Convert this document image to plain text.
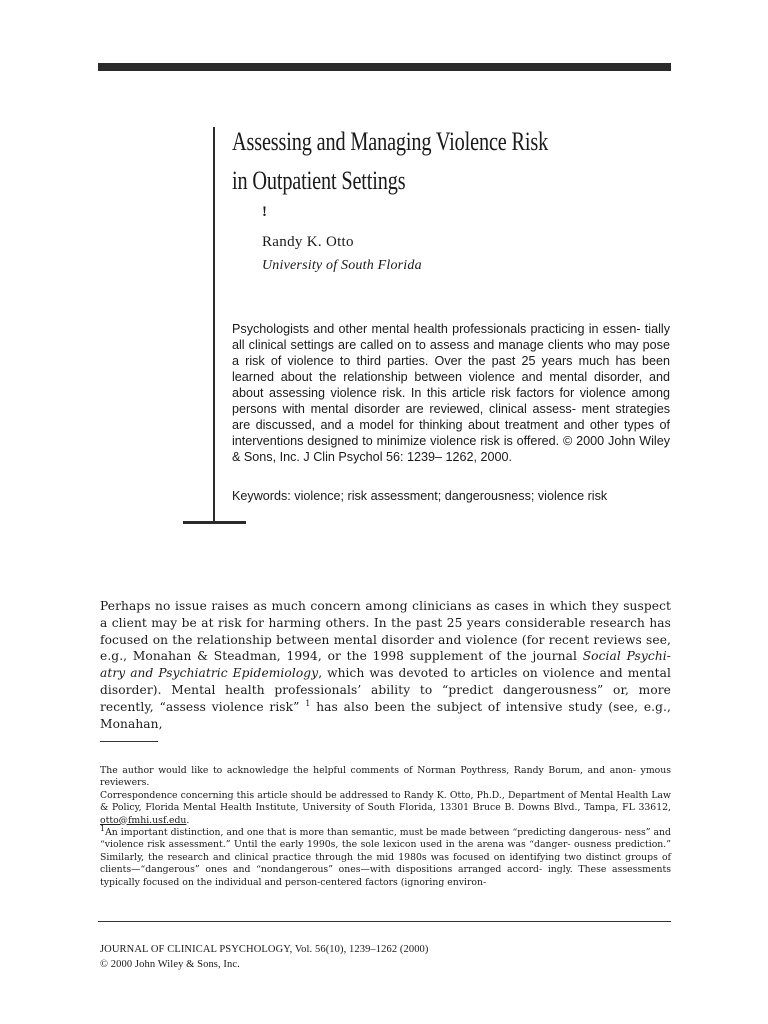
Assessing and Managing Violence Risk
in Outpatient Settings
!
Randy K. Otto
University of South Florida

Psychologists and other mental health professionals practicing in essen- tially all clinical settings are called on to assess and manage clients who may pose a risk of violence to third parties. Over the past 25 years much has been learned about the relationship between violence and mental disorder, and about assessing violence risk. In this article risk factors for violence among persons with mental disorder are reviewed, clinical assess- ment strategies are discussed, and a model for thinking about treatment and other types of interventions designed to minimize violence risk is offered. © 2000 John Wiley & Sons, Inc. J Clin Psychol 56: 1239– 1262, 2000.

Keywords: violence; risk assessment; dangerousness; violence risk

Perhaps no issue raises as much concern among clinicians as cases in which they suspect a client may be at risk for harming others. In the past 25 years considerable research has focused on the relationship between mental disorder and violence (for recent reviews see, e.g., Monahan & Steadman, 1994, or the 1998 supplement of the journal Social Psychi- atry and Psychiatric Epidemiology, which was devoted to articles on violence and mental disorder). Mental health professionals’ ability to “predict dangerousness” or, more recently, “assess violence risk” $^1$ has also been the subject of intensive study (see, e.g., Monahan,

The author would like to acknowledge the helpful comments of Norman Poythress, Randy Borum, and anon- ymous reviewers.

Correspondence concerning this article should be addressed to Randy K. Otto, Ph.D., Department of Mental Health Law & Policy, Florida Mental Health Institute, University of South Florida, 13301 Bruce B. Downs Blvd., Tampa, FL 33612, otto@fmhi.usf.edu.

1An important distinction, and one that is more than semantic, must be made between “predicting dangerous- ness” and “violence risk assessment.” Until the early 1990s, the sole lexicon used in the arena was “danger- ousness prediction.” Similarly, the research and clinical practice through the mid 1980s was focused on identifying two distinct groups of clients—“dangerous” ones and “nondangerous” ones—with dispositions arranged accord- ingly. These assessments typically focused on the individual and person-centered factors (ignoring environ-

JOURNAL OF CLINICAL PSYCHOLOGY, Vol. 56(10), 1239–1262 (2000)
© 2000 John Wiley & Sons, Inc.
